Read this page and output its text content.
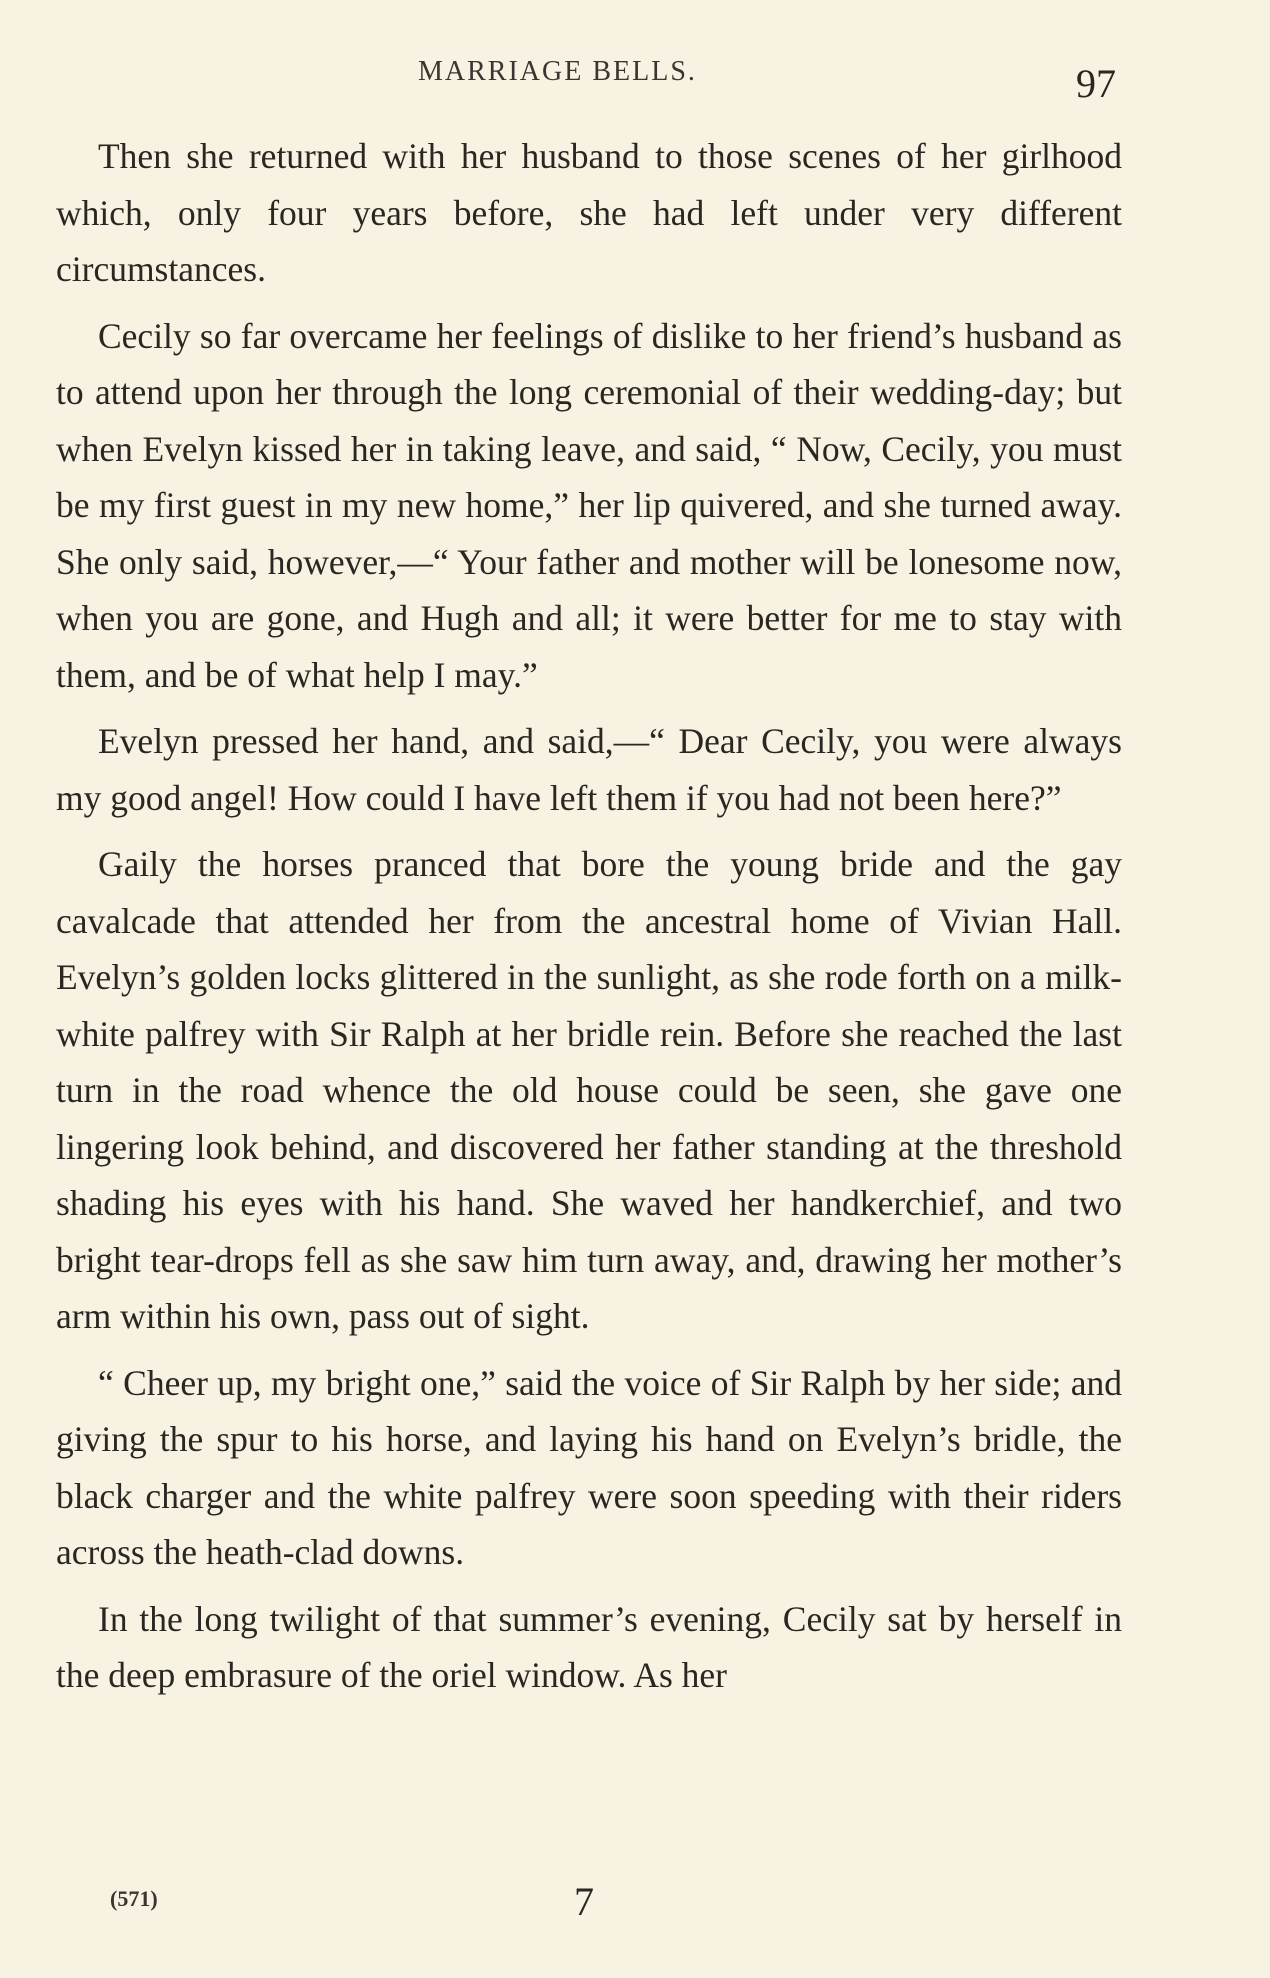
MARRIAGE BELLS.	97

Then she returned with her husband to those scenes of her girlhood which, only four years before, she had left under very different circumstances.

Cecily so far overcame her feelings of dislike to her friend’s husband as to attend upon her through the long ceremonial of their wedding-day; but when Evelyn kissed her in taking leave, and said, “ Now, Cecily, you must be my first guest in my new home,” her lip quivered, and she turned away. She only said, however,—“ Your father and mother will be lonesome now, when you are gone, and Hugh and all; it were better for me to stay with them, and be of what help I may.”

Evelyn pressed her hand, and said,—“ Dear Cecily, you were always my good angel! How could I have left them if you had not been here?”

Gaily the horses pranced that bore the young bride and the gay cavalcade that attended her from the ancestral home of Vivian Hall. Evelyn’s golden locks glittered in the sunlight, as she rode forth on a milk-white palfrey with Sir Ralph at her bridle rein. Before she reached the last turn in the road whence the old house could be seen, she gave one lingering look behind, and discovered her father standing at the threshold shading his eyes with his hand. She waved her handkerchief, and two bright tear-drops fell as she saw him turn away, and, drawing her mother’s arm within his own, pass out of sight.

“ Cheer up, my bright one,” said the voice of Sir Ralph by her side; and giving the spur to his horse, and laying his hand on Evelyn’s bridle, the black charger and the white palfrey were soon speeding with their riders across the heath-clad downs.

In the long twilight of that summer’s evening, Cecily sat by herself in the deep embrasure of the oriel window. As her

(571)	7
